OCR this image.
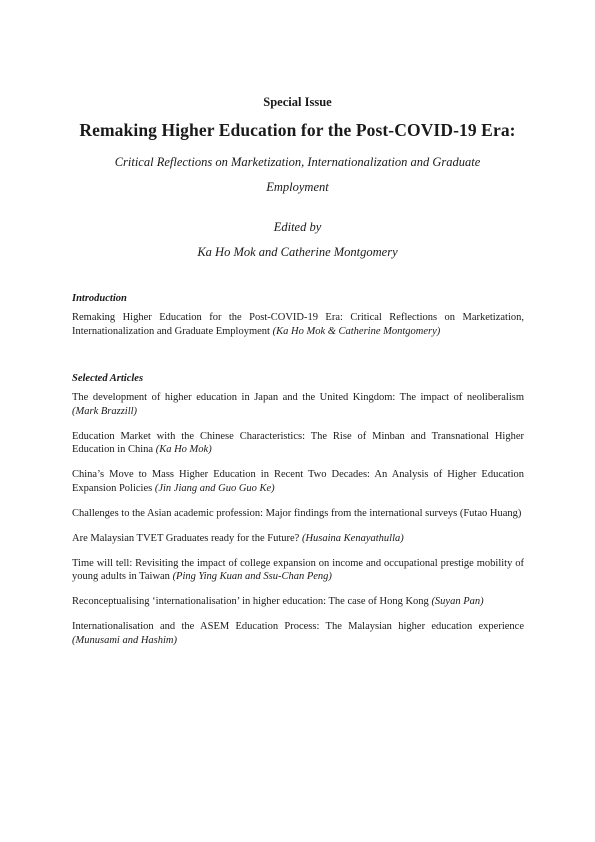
Special Issue
Remaking Higher Education for the Post-COVID-19 Era:
Critical Reflections on Marketization, Internationalization and Graduate Employment
Edited by
Ka Ho Mok and Catherine Montgomery
Introduction
Remaking Higher Education for the Post-COVID-19 Era: Critical Reflections on Marketization, Internationalization and Graduate Employment (Ka Ho Mok & Catherine Montgomery)
Selected Articles
The development of higher education in Japan and the United Kingdom: The impact of neoliberalism (Mark Brazzill)
Education Market with the Chinese Characteristics: The Rise of Minban and Transnational Higher Education in China (Ka Ho Mok)
China’s Move to Mass Higher Education in Recent Two Decades: An Analysis of Higher Education Expansion Policies (Jin Jiang and Guo Guo Ke)
Challenges to the Asian academic profession: Major findings from the international surveys (Futao Huang)
Are Malaysian TVET Graduates ready for the Future? (Husaina Kenayathulla)
Time will tell: Revisiting the impact of college expansion on income and occupational prestige mobility of young adults in Taiwan (Ping Ying Kuan and Ssu-Chan Peng)
Reconceptualising ‘internationalisation’ in higher education: The case of Hong Kong (Suyan Pan)
Internationalisation and the ASEM Education Process: The Malaysian higher education experience (Munusami and Hashim)
